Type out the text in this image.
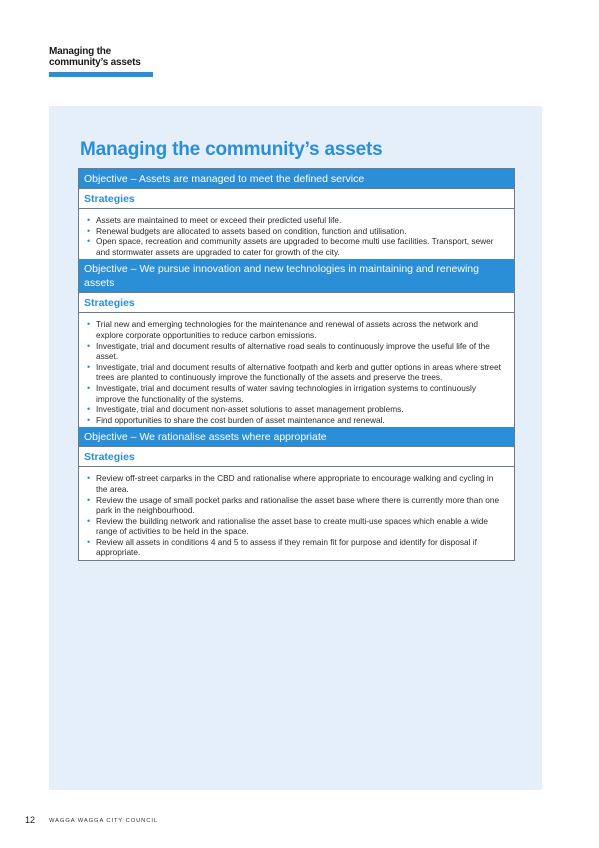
Managing the
community’s assets
Managing the community’s assets
Objective – Assets are managed to meet the defined service
Strategies
• Assets are maintained to meet or exceed their predicted useful life.
• Renewal budgets are allocated to assets based on condition, function and utilisation.
• Open space, recreation and community assets are upgraded to become multi use facilities. Transport, sewer and stormwater assets are upgraded to cater for growth of the city.
Objective – We pursue innovation and new technologies in maintaining and renewing assets
Strategies
• Trial new and emerging technologies for the maintenance and renewal of assets across the network and explore corporate opportunities to reduce carbon emissions.
• Investigate, trial and document results of alternative road seals to continuously improve the useful life of the asset.
• Investigate, trial and document results of alternative footpath and kerb and gutter options in areas where street trees are planted to continuously improve the functionally of the assets and preserve the trees.
• Investigate, trial and document results of water saving technologies in irrigation systems to continuously improve the functionality of the systems.
• Investigate, trial and document non-asset solutions to asset management problems.
• Find opportunities to share the cost burden of asset maintenance and renewal.
Objective – We rationalise assets where appropriate
Strategies
• Review off-street carparks in the CBD and rationalise where appropriate to encourage walking and cycling in the area.
• Review the usage of small pocket parks and rationalise the asset base where there is currently more than one park in the neighbourhood.
• Review the building network and rationalise the asset base to create multi-use spaces which enable a wide range of activities to be held in the space.
• Review all assets in conditions 4 and 5 to assess if they remain fit for purpose and identify for disposal if appropriate.
12 WAGGA WAGGA CITY COUNCIL
